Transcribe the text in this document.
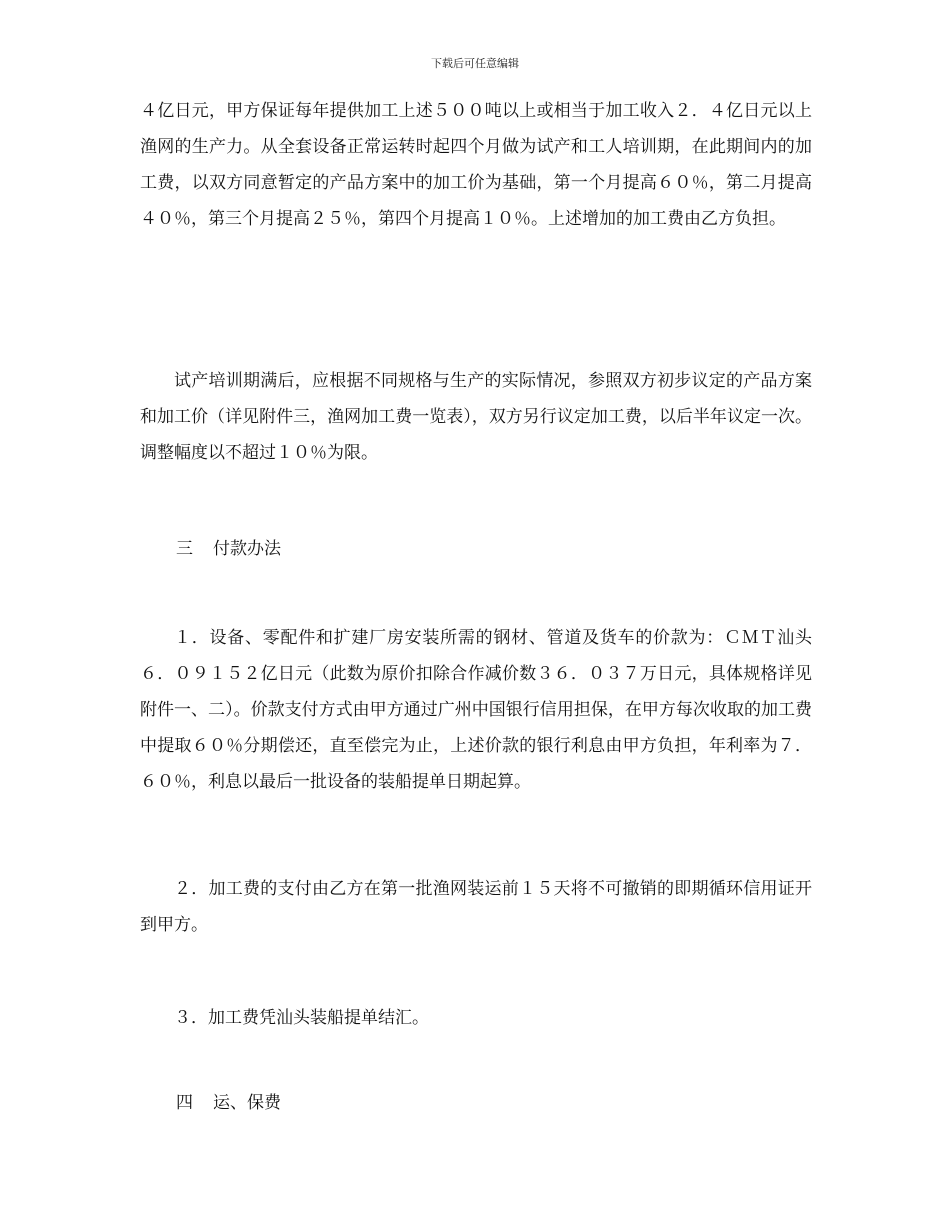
下载后可任意编辑

４亿日元，甲方保证每年提供加工上述５００吨以上或相当于加工收入２．４亿日元以上渔网的生产力。从全套设备正常运转时起四个月做为试产和工人培训期，在此期间内的加工费，以双方同意暂定的产品方案中的加工价为基础，第一个月提高６０％，第二月提高４０％，第三个月提高２５％，第四个月提高１０％。上述增加的加工费由乙方负担。

试产培训期满后，应根据不同规格与生产的实际情况，参照双方初步议定的产品方案和加工价（详见附件三，渔网加工费一览表），双方另行议定加工费，以后半年议定一次。调整幅度以不超过１０％为限。

三 付款办法

１．设备、零配件和扩建厂房安装所需的钢材、管道及货车的价款为：ＣＭＴ汕头６．０９１５２亿日元（此数为原价扣除合作减价数３６．０３７万日元，具体规格详见附件一、二）。价款支付方式由甲方通过广州中国银行信用担保，在甲方每次收取的加工费中提取６０％分期偿还，直至偿完为止，上述价款的银行利息由甲方负担，年利率为７．６０％，利息以最后一批设备的装船提单日期起算。

２．加工费的支付由乙方在第一批渔网装运前１５天将不可撤销的即期循环信用证开到甲方。

３．加工费凭汕头装船提单结汇。

四 运、保费
